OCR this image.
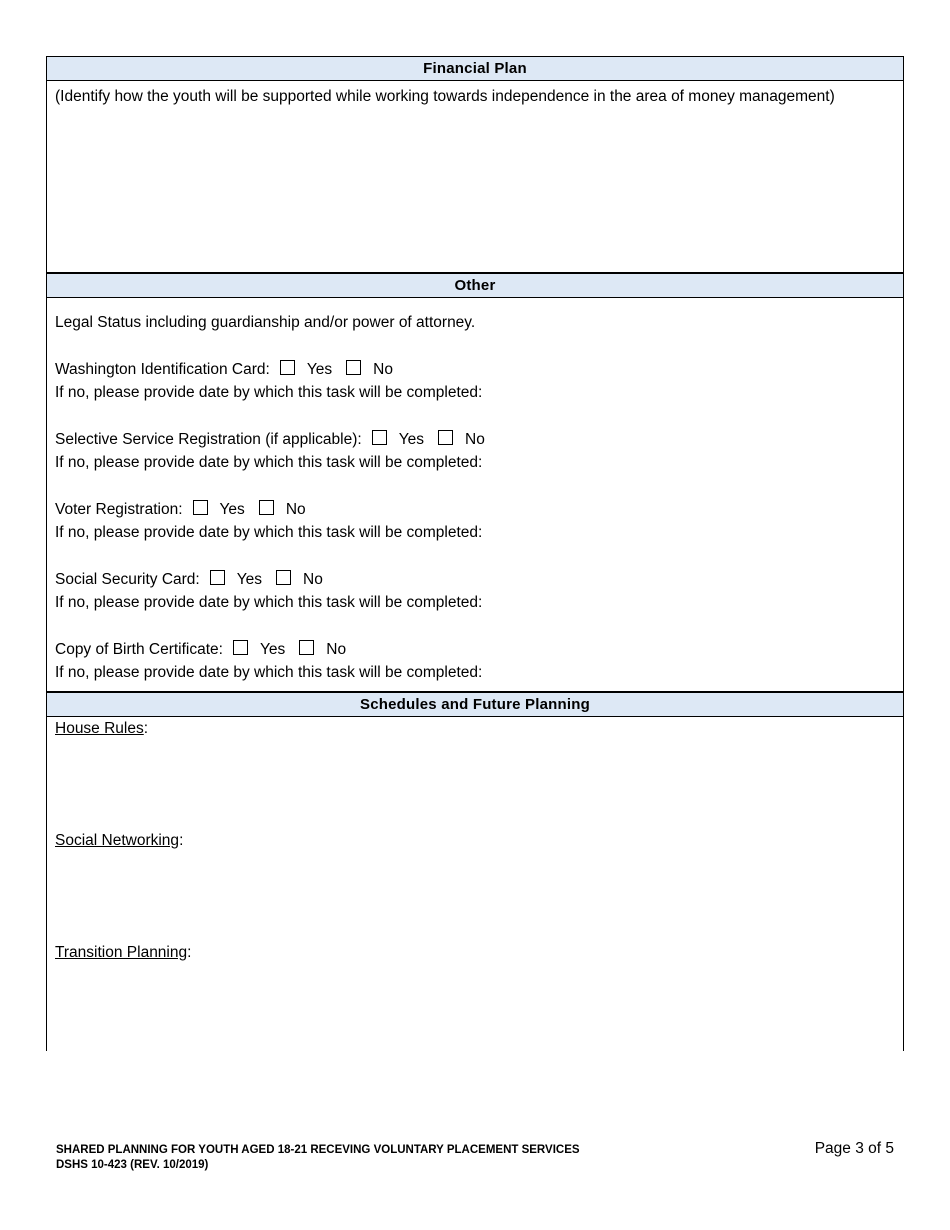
Financial Plan
(Identify how the youth will be supported while working towards independence in the area of money management)
Other
Legal Status including guardianship and/or power of attorney.
Washington Identification Card: Yes	No
If no, please provide date by which this task will be completed:
Selective Service Registration (if applicable): Yes	No
If no, please provide date by which this task will be completed:
Voter Registration: Yes	No
If no, please provide date by which this task will be completed:
Social Security Card: Yes	No
If no, please provide date by which this task will be completed:
Copy of Birth Certificate: Yes	No
If no, please provide date by which this task will be completed:
Schedules and Future Planning
House Rules:
Social Networking:
Transition Planning:
SHARED PLANNING FOR YOUTH AGED 18-21 RECEVING VOLUNTARY PLACEMENT SERVICES
DSHS 10-423 (REV. 10/2019)
Page 3 of 5
